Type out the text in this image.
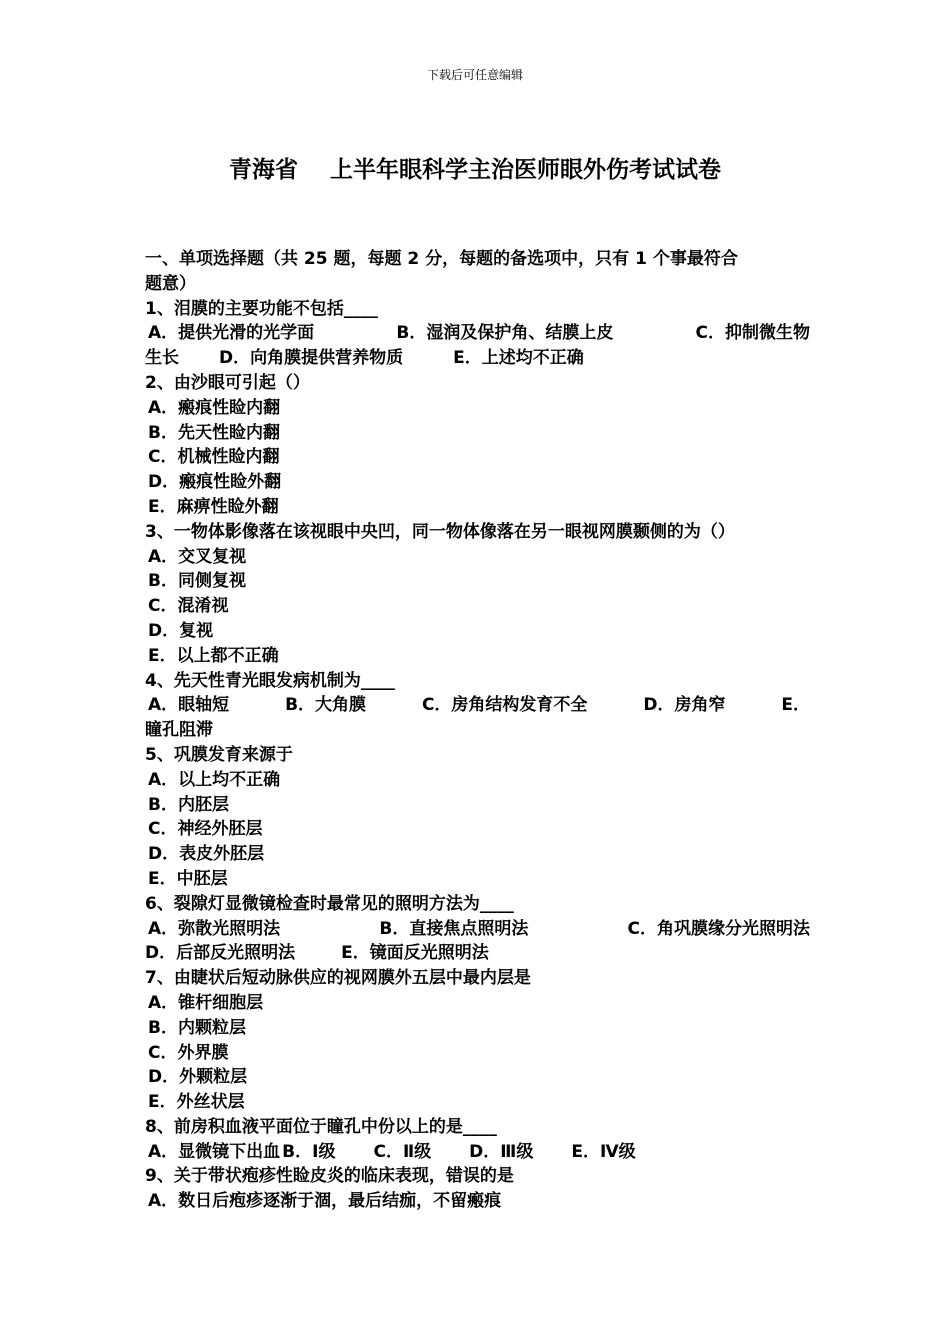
下载后可任意编辑
青海省    上半年眼科学主治医师眼外伤考试试卷
一、单项选择题（共 25 题，每题 2 分，每题的备选项中，只有 1 个事最符合
题意）
1、泪膜的主要功能不包括____
A．提供光滑的光学面	B．湿润及保护角、结膜上皮	C．抑制微生物
生长 D．向角膜提供营养物质	E．上述均不正确
2、由沙眼可引起（）
A．瘢痕性睑内翻
B．先天性睑内翻
C．机械性睑内翻
D．瘢痕性睑外翻
E．麻痹性睑外翻
3、一物体影像落在该视眼中央凹，同一物体像落在另一眼视网膜颞侧的为（）
A．交叉复视
B．同侧复视
C．混淆视
D．复视
E．以上都不正确
4、先天性青光眼发病机制为____
A．眼轴短	B．大角膜	C．房角结构发育不全	D．房角窄	E．
瞳孔阻滞
5、巩膜发育来源于
A．以上均不正确
B．内胚层
C．神经外胚层
D．表皮外胚层
E．中胚层
6、裂隙灯显微镜检查时最常见的照明方法为____
A．弥散光照明法	B．直接焦点照明法	C．角巩膜缘分光照明法
D．后部反光照明法	E．镜面反光照明法
7、由睫状后短动脉供应的视网膜外五层中最内层是
A．锥杆细胞层
B．内颗粒层
C．外界膜
D．外颗粒层
E．外丝状层
8、前房积血液平面位于瞳孔中份以上的是____
A．显微镜下出血 B．Ⅰ级 C．Ⅱ级 D．Ⅲ级 E．Ⅳ级
9、关于带状疱疹性睑皮炎的临床表现，错误的是
A．数日后疱疹逐渐于涸，最后结痂，不留瘢痕
